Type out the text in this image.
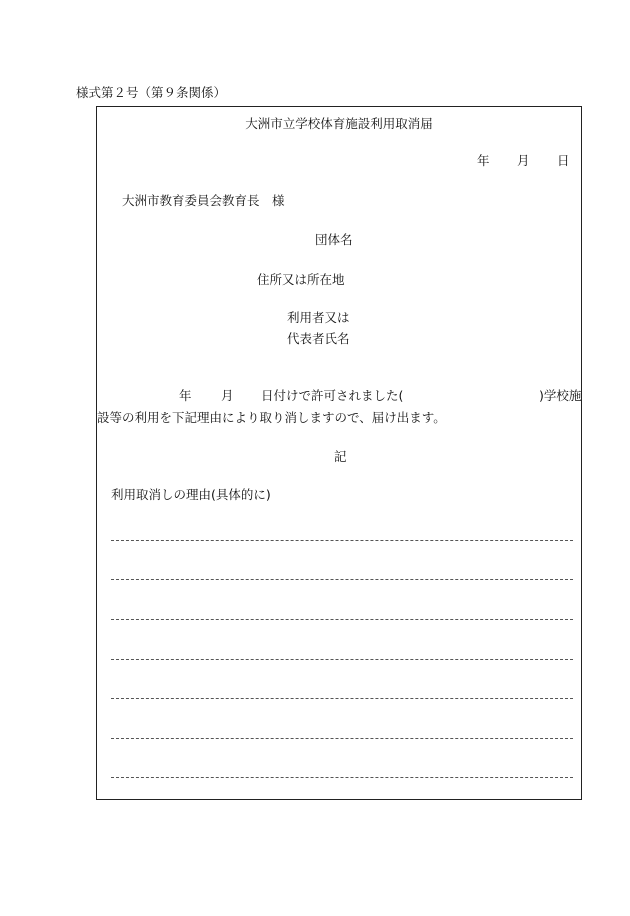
様式第２号（第９条関係）
大洲市立学校体育施設利用取消届
年 月 日
大洲市教育委員会教育長　様
団体名
住所又は所在地
利用者又は
代表者氏名
年 月 日付けで許可されました(	)学校施
設等の利用を下記理由により取り消しますので、届け出ます。
記
利用取消しの理由(具体的に)
